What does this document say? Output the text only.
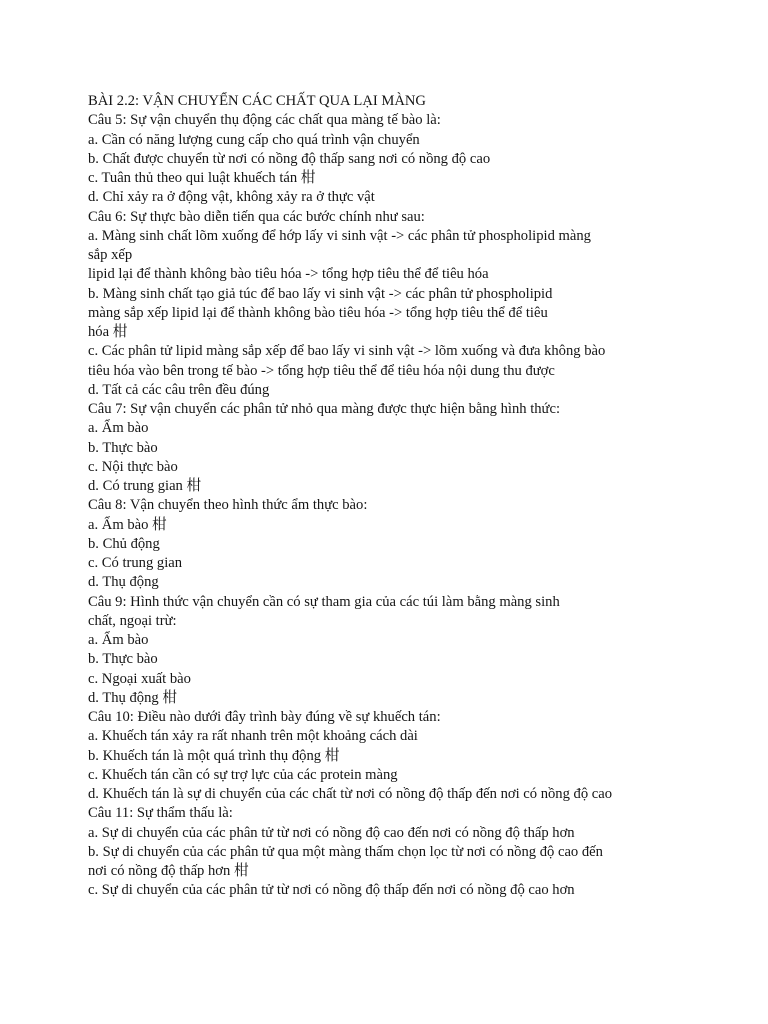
BÀI 2.2: VẬN CHUYỂN CÁC CHẤT QUA LẠI MÀNG
Câu 5: Sự vận chuyển thụ động các chất qua màng tế bào là:
a. Cần có năng lượng cung cấp cho quá trình vận chuyển
b. Chất được chuyển từ nơi có nồng độ thấp sang nơi có nồng độ cao
c. Tuân thủ theo qui luật khuếch tán 柑
d. Chỉ xảy ra ở động vật, không xảy ra ở thực vật
Câu 6: Sự thực bào diễn tiến qua các bước chính như sau:
a. Màng sinh chất lõm xuống để hớp lấy vi sinh vật -> các phân tử phospholipid màng
sắp xếp
lipid lại để thành không bào tiêu hóa -> tổng hợp tiêu thể để tiêu hóa
b. Màng sinh chất tạo giả túc để bao lấy vi sinh vật -> các phân tử phospholipid
màng sắp xếp lipid lại để thành không bào tiêu hóa -> tổng hợp tiêu thể để tiêu
hóa 柑
c. Các phân tử lipid màng sắp xếp để bao lấy vi sinh vật -> lõm xuống và đưa không bào
tiêu hóa vào bên trong tế bào -> tổng hợp tiêu thể để tiêu hóa nội dung thu được
d. Tất cả các câu trên đều đúng
Câu 7: Sự vận chuyển các phân tử nhỏ qua màng được thực hiện bằng hình thức:
a. Ẩm bào
b. Thực bào
c. Nội thực bào
d. Có trung gian 柑
Câu 8: Vận chuyển theo hình thức ẩm thực bào:
a. Ẩm bào 柑
b. Chủ động
c. Có trung gian
d. Thụ động
Câu 9: Hình thức vận chuyển cần có sự tham gia của các túi làm bằng màng sinh
chất, ngoại trừ:
a. Ẩm bào
b. Thực bào
c. Ngoại xuất bào
d. Thụ động 柑
Câu 10: Điều nào dưới đây trình bày đúng về sự khuếch tán:
a. Khuếch tán xảy ra rất nhanh trên một khoảng cách dài
b. Khuếch tán là một quá trình thụ động 柑
c. Khuếch tán cần có sự trợ lực của các protein màng
d. Khuếch tán là sự di chuyển của các chất từ nơi có nồng độ thấp đến nơi có nồng độ cao
Câu 11: Sự thẩm thấu là:
a. Sự di chuyển của các phân tử từ nơi có nồng độ cao đến nơi có nồng độ thấp hơn
b. Sự di chuyển của các phân tử qua một màng thấm chọn lọc từ nơi có nồng độ cao đến
nơi có nồng độ thấp hơn 柑
c. Sự di chuyển của các phân tử từ nơi có nồng độ thấp đến nơi có nồng độ cao hơn
